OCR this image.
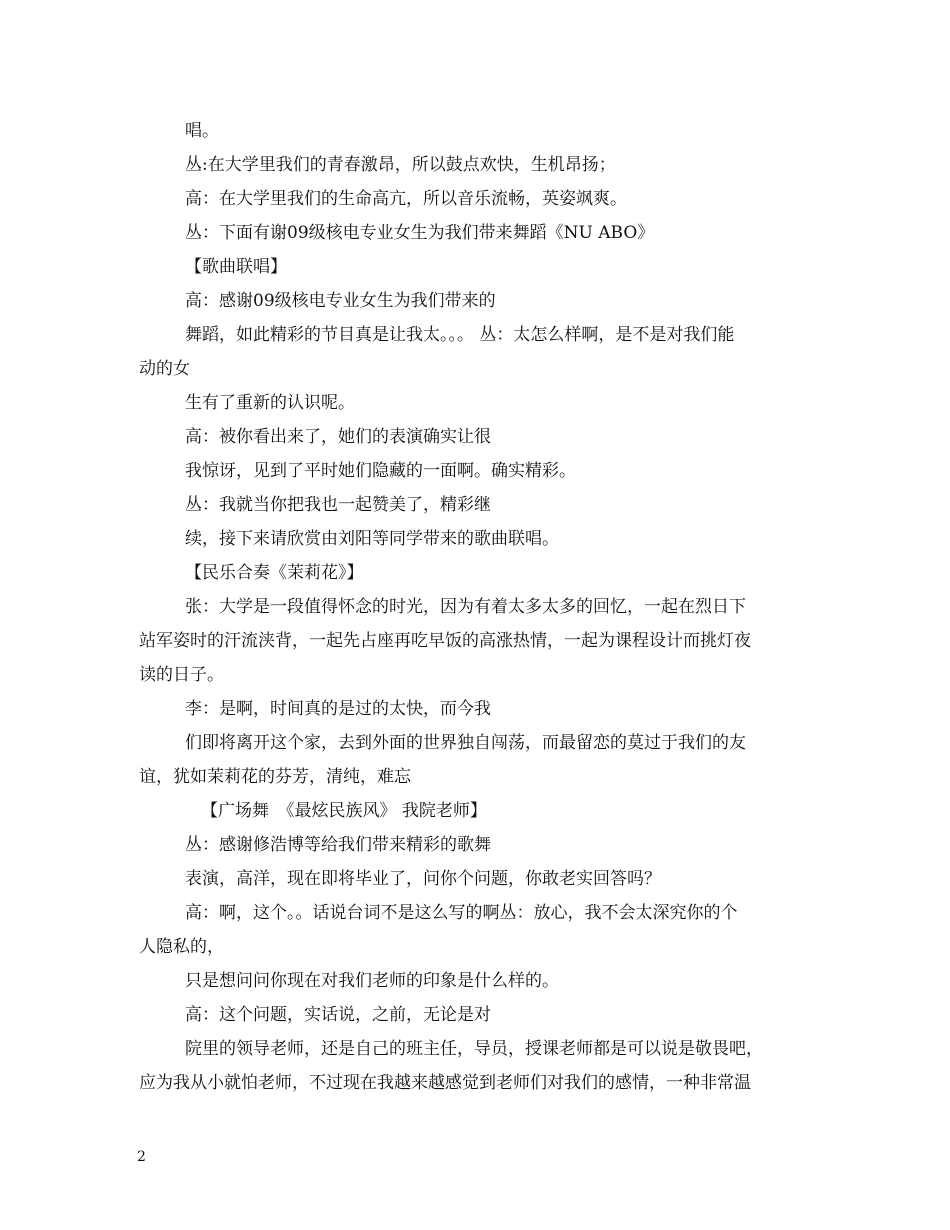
唱。
丛:在大学里我们的青春激昂，所以鼓点欢快，生机昂扬；
高：在大学里我们的生命高亢，所以音乐流畅，英姿飒爽。
丛：下面有谢09级核电专业女生为我们带来舞蹈《NU ABO》
【歌曲联唱】
高：感谢09级核电专业女生为我们带来的
舞蹈，如此精彩的节目真是让我太。。。 丛：太怎么样啊，是不是对我们能
动的女
生有了重新的认识呢。
高：被你看出来了，她们的表演确实让很
我惊讶，见到了平时她们隐藏的一面啊。确实精彩。
丛：我就当你把我也一起赞美了，精彩继
续，接下来请欣赏由刘阳等同学带来的歌曲联唱。
【民乐合奏《茉莉花》】
张：大学是一段值得怀念的时光，因为有着太多太多的回忆，一起在烈日下
站军姿时的汗流浃背，一起先占座再吃早饭的高涨热情，一起为课程设计而挑灯夜
读的日子。
李：是啊，时间真的是过的太快，而今我
们即将离开这个家，去到外面的世界独自闯荡，而最留恋的莫过于我们的友
谊，犹如茉莉花的芬芳，清纯，难忘
【广场舞　《最炫民族风》 我院老师】
丛：感谢修浩博等给我们带来精彩的歌舞
表演，高洋，现在即将毕业了，问你个问题，你敢老实回答吗？
高：啊，这个。。话说台词不是这么写的啊丛：放心，我不会太深究你的个
人隐私的，
只是想问问你现在对我们老师的印象是什么样的。
高：这个问题，实话说，之前，无论是对
院里的领导老师，还是自己的班主任，导员，授课老师都是可以说是敬畏吧，
应为我从小就怕老师，不过现在我越来越感觉到老师们对我们的感情，一种非常温
2
